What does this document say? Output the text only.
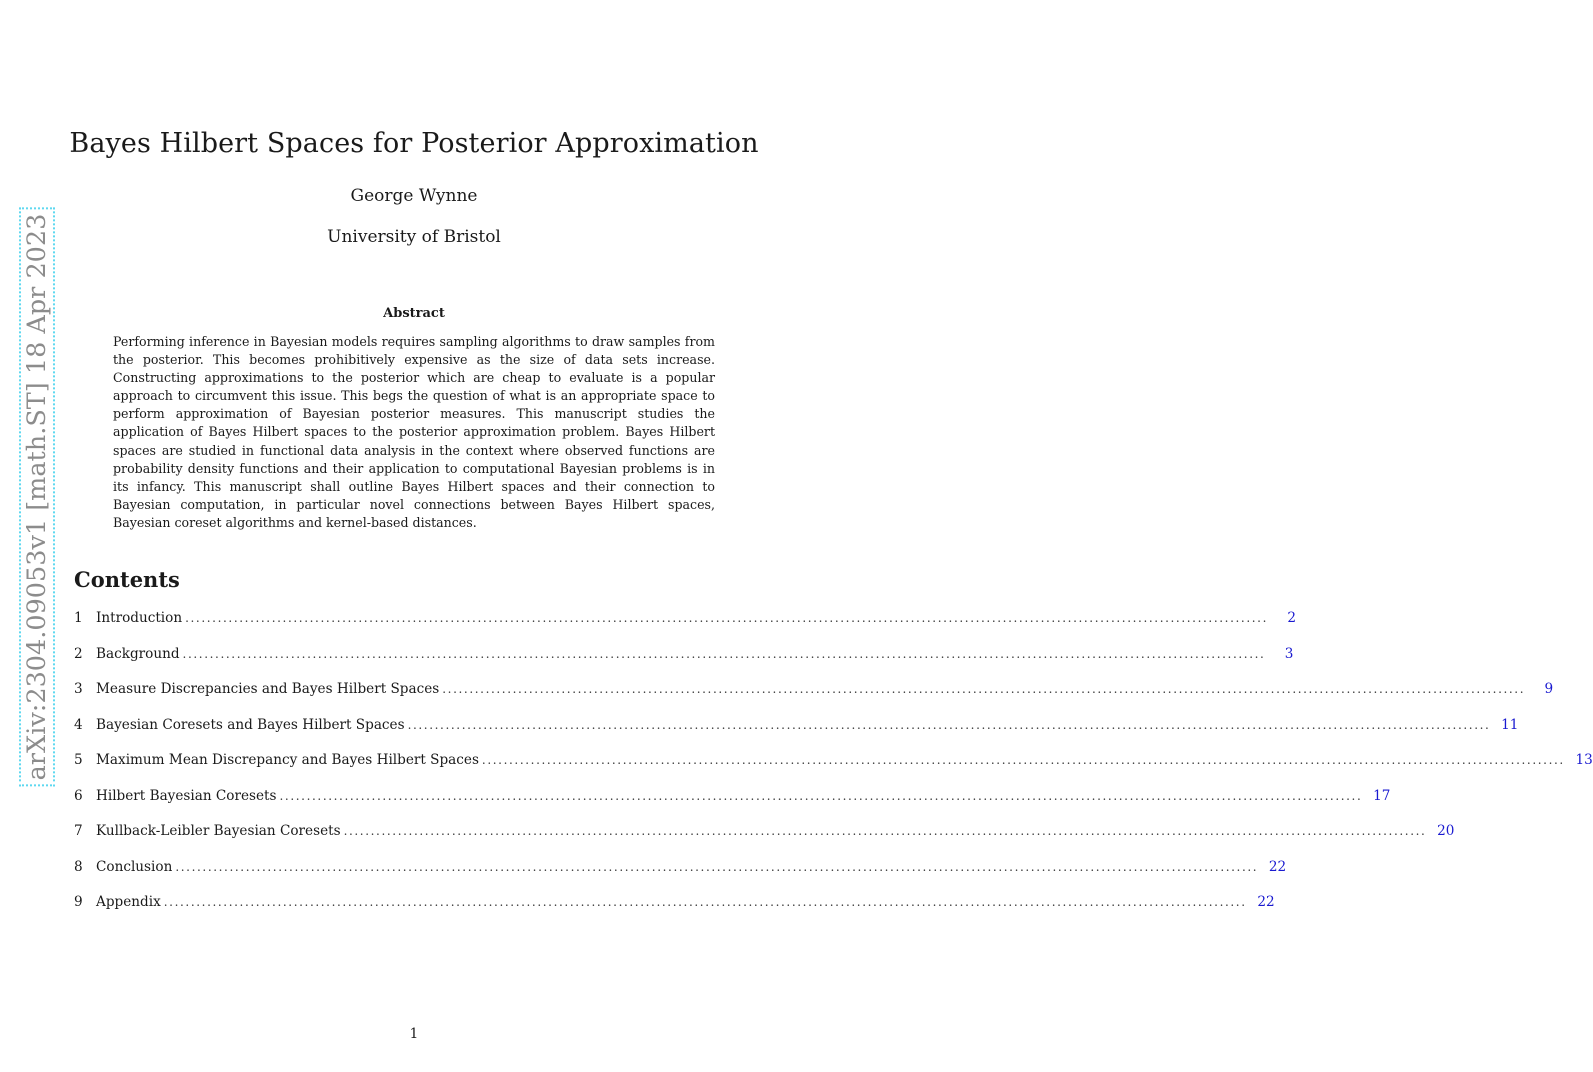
arXiv:2304.09053v1 [math.ST] 18 Apr 2023
Bayes Hilbert Spaces for Posterior Approximation
George Wynne
University of Bristol
Abstract

Performing inference in Bayesian models requires sampling algorithms to draw samples from the posterior. This becomes prohibitively expensive as the size of data sets increase. Constructing approximations to the posterior which are cheap to evaluate is a popular approach to circumvent this issue. This begs the question of what is an appropriate space to perform approximation of Bayesian posterior measures. This manuscript studies the application of Bayes Hilbert spaces to the posterior approximation problem. Bayes Hilbert spaces are studied in functional data analysis in the context where observed functions are probability density functions and their application to computational Bayesian problems is in its infancy. This manuscript shall outline Bayes Hilbert spaces and their connection to Bayesian computation, in particular novel connections between Bayes Hilbert spaces, Bayesian coreset algorithms and kernel-based distances.

Contents
1 Introduction ........................................................................................................................................................................................................	2
2 Background ........................................................................................................................................................................................................	3
3 Measure Discrepancies and Bayes Hilbert Spaces ........................................................................................................................................................................................................	9
4 Bayesian Coresets and Bayes Hilbert Spaces ........................................................................................................................................................................................................ 11
5 Maximum Mean Discrepancy and Bayes Hilbert Spaces ........................................................................................................................................................................................................ 13
6 Hilbert Bayesian Coresets ........................................................................................................................................................................................................ 17
7 Kullback-Leibler Bayesian Coresets ........................................................................................................................................................................................................ 20
8 Conclusion ........................................................................................................................................................................................................ 22
9 Appendix ........................................................................................................................................................................................................ 22
1
